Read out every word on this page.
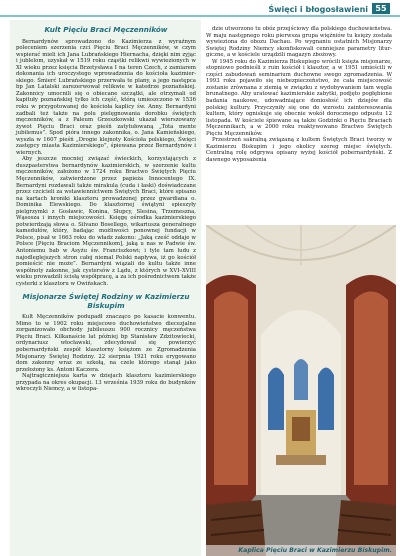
Święci i błogosławieni 55
Kult Pięciu Braci Męczenników

Bernardynów sprowadzono do Kazimierza z wyraźnym poleceniem szerzenia czci Pięciu Braci Męczenników, w czym wspierać mieli ich Jana Lubrańskiego Hiernacha, dzięki nim zyjąc i jublelom, uzyskał w 1519 roku cząstki relikwii wywiezionych w XI wieku przez księcia Brzetysława I na teren Czech, z zamiarem dokonania ich uroczystego wprowadzenia do kościoła kazimierskiego. Śmierć Lubrańskiego przerwała te plany, a jego następca bp Jan Latalski zarezerwował relikwie w katedrze poznańskiej. Zakonnicy umocnili się o obiecane szczątki, ale otrzymali od kapituły poznańskiej tylko ich część, którą umieszczono w 1536 roku w przygotowanej do kościoła kaplicy św. Anny. Bernardyni zadbali też także na polu pielęgnowania dorobku świętych męczenników, a z Paleum Grzeszkowski ukazał wierszowany żywot Pięciu Braci oraz pieśń zatytułowaną „Tota mente jubilemus”. Spod pióra innego zakonnika, o. Jana Kamieńskiego, wyszła w 1607 pieśń „Drogie klejnoty Kościoła polskiego, Święci zastępcy miasta Kazimierskiego”, śpiewana przez Bernardynów i wiernych.

Aby jeszcze mocniej związać świeckich, korzystających z duszpasterstwa bernardynów kazimierskich, w szerzenie kultu męczenników, założono w 1724 roku Bractwo Świętych Pięciu Męczenników, zatwierdzone przez papieża Innocentego IX. Bernardyni rozdawali także mirakula (cuda i łaski) doświadczane przez czcicieli za wstawiennictwem Świętych Braci, które spisano na kartach kroniki klasztoru prowadzonej przez gwardiana o. Dominika Elewskiego. Do klasztornej świątyni spieszyły pielgrzymki z Gosławic, Konina, Słupcy, Slesina, Trzemeszna, Wąsosza i innych miejscowości. Księgę ośrodka kazimierskiego potwierdzają słowa o. Silvano Bosellego, wikariusza generalnego kamedułów, który, badając możliwości ponownej fundacji w Polsce, pisał w 1663 roku do władz zakonu: „Jaką cześć oddaje w Polsce [Pięciu Braciom Męczennikom], jaką u nas w Padwie św. Antoniemu bab w Asyżu św. Franciszkowi; i tyle tam ludu z najodleglejszych stron całej niemal Polski napływa, iż go kościół pomieścić nie może”. Bernardyni wiązali do kultu także inne wspólnoty zakonne, jak cystersów z Lądu, z których w XVI–XVIII wieku prowadzili ścisłą współpracę, a za ich pośrednictwem także cysterki z klasztoru w Owińskach.

Misjonarze Świętej Rodziny w Kazimierzu Biskupim

Kult Męczenników podupadł znacząco po kasacie konwentu. Mimo to w 1902 roku miejscowo duchowieństwo diecezjalne zorganizowało obchody jubileuszu 900 rocznicy męczeństwa Pięciu Braci. Kilkanaście lat później bp Stanisław Zdzitowiecki, ordynariusz włocławski, zdecydował się powierzyć pobernardyński zespół klasztorny księżom ze Zgromadzenia Misjonarzy Świętej Rodziny. 22 sierpnia 1921 roku erygowano dom zakonny wraz ze szkołą, na czele którego stanął jako przełożony ks. Antoni Kaczera.

Najtragiczniejsza karta w dziejach klasztoru kazimierskiego przypada na okres okupacji. 13 września 1939 roku do budynków wkroczyli Niemcy, a w listopa-

dzie utworzono tu obóz przejściowy dla polskiego duchowieństwa. W maju następnego roku pierwsza grupa więźniów tu księży została wywieziona do obozu Dachau. Po wygnaniu ostatnich Misjonarzy Świętej Rodziny Niemcy skonfiskowali cenniejsze parametry liturgiczne, a w kościele urządzili magazyn zbożowy.

W 1945 roku do Kazimierza Biskupiego wrócili księża misjonarze, stopniowo podnieśli z ruin kościół i klasztor, a w 1951 umieścili w części zabudowań seminarium duchowne swego zgromadzenia. W 1993 roku pojawiło się niebezpieczeństwo, że cała miejscowość zostanie zrównana z ziemią w związku z wydobywaniem tam węgla brunatnego. Aby uratować kazimierskie zabytki, podjęto pogłębione badania naukowe, udowadniające doniosłość ich dziejów dla polskiej kultury. Przyczyniły się one do wzrostu zainteresowania kultem, który ogniskuje się obecnie wokół dorocznego odpustu 12 listopada. W kościele śpiewane są także Godzinki o Pięciu Braciach Męczennikach, a w 2000 roku reaktywowano Bractwo Świętych Pięciu Męczenników.

Przestrzeń sakralną związaną z kultem Świętych Braci tworzy w Kazimierzu Biskupim i jego okolicy szereg miejsc świętych. Centralną rolę odgrywa opisany wyżej kościół pobernardyński. Z dawnego wyposażenia

Kaplica Pięciu Braci w Kazimierzu Biskupim.
